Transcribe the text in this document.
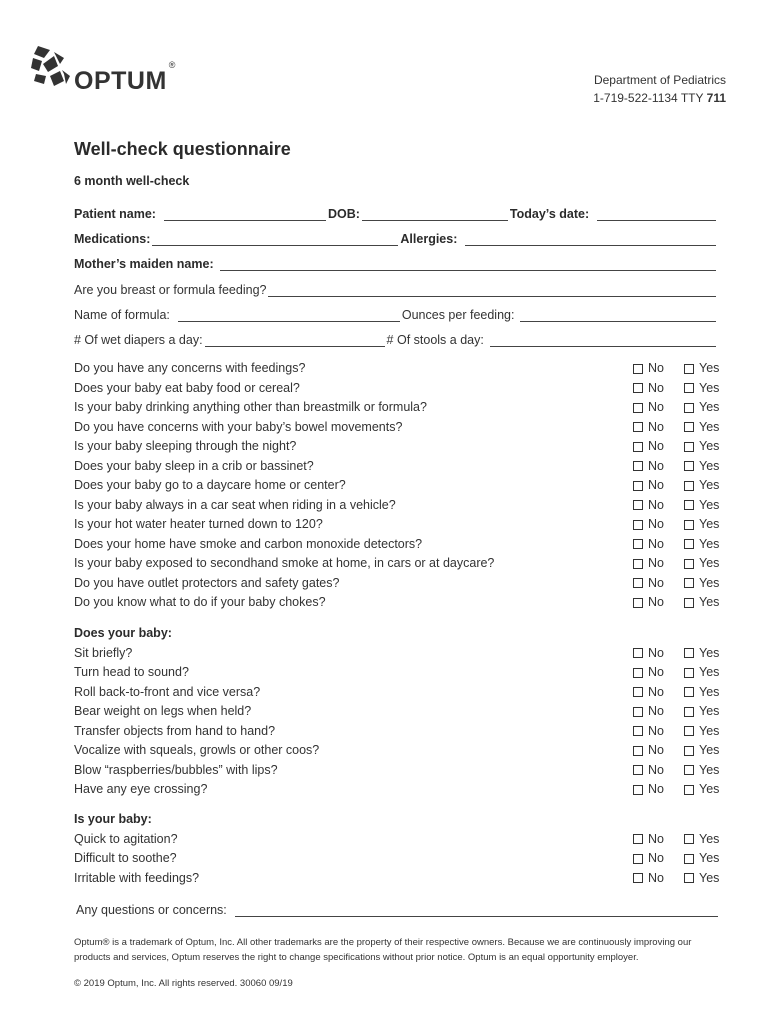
OPTUM®
Department of Pediatrics
1-719-522-1134 TTY 711
Well-check questionnaire
6 month well-check
Patient name:	DOB:	Today’s date:
Medications:	Allergies:
Mother’s maiden name:
Are you breast or formula feeding?
Name of formula:	Ounces per feeding:
# Of wet diapers a day:	# Of stools a day:
Do you have any concerns with feedings?	No	Yes
Does your baby eat baby food or cereal?	No	Yes
Is your baby drinking anything other than breastmilk or formula?	No	Yes
Do you have concerns with your baby’s bowel movements?	No	Yes
Is your baby sleeping through the night?	No	Yes
Does your baby sleep in a crib or bassinet?	No	Yes
Does your baby go to a daycare home or center?	No	Yes
Is your baby always in a car seat when riding in a vehicle?	No	Yes
Is your hot water heater turned down to 120?	No	Yes
Does your home have smoke and carbon monoxide detectors?	No	Yes
Is your baby exposed to secondhand smoke at home, in cars or at daycare?	No	Yes
Do you have outlet protectors and safety gates?	No	Yes
Do you know what to do if your baby chokes?	No	Yes
Does your baby:
Sit briefly?	No	Yes
Turn head to sound?	No	Yes
Roll back-to-front and vice versa?	No	Yes
Bear weight on legs when held?	No	Yes
Transfer objects from hand to hand?	No	Yes
Vocalize with squeals, growls or other coos?	No	Yes
Blow “raspberries/bubbles” with lips?	No	Yes
Have any eye crossing?	No	Yes
Is your baby:
Quick to agitation?	No	Yes
Difficult to soothe?	No	Yes
Irritable with feedings?	No	Yes
Any questions or concerns:
Optum® is a trademark of Optum, Inc. All other trademarks are the property of their respective owners. Because we are continuously improving our products and services, Optum reserves the right to change specifications without prior notice. Optum is an equal opportunity employer.
© 2019 Optum, Inc. All rights reserved. 30060 09/19
